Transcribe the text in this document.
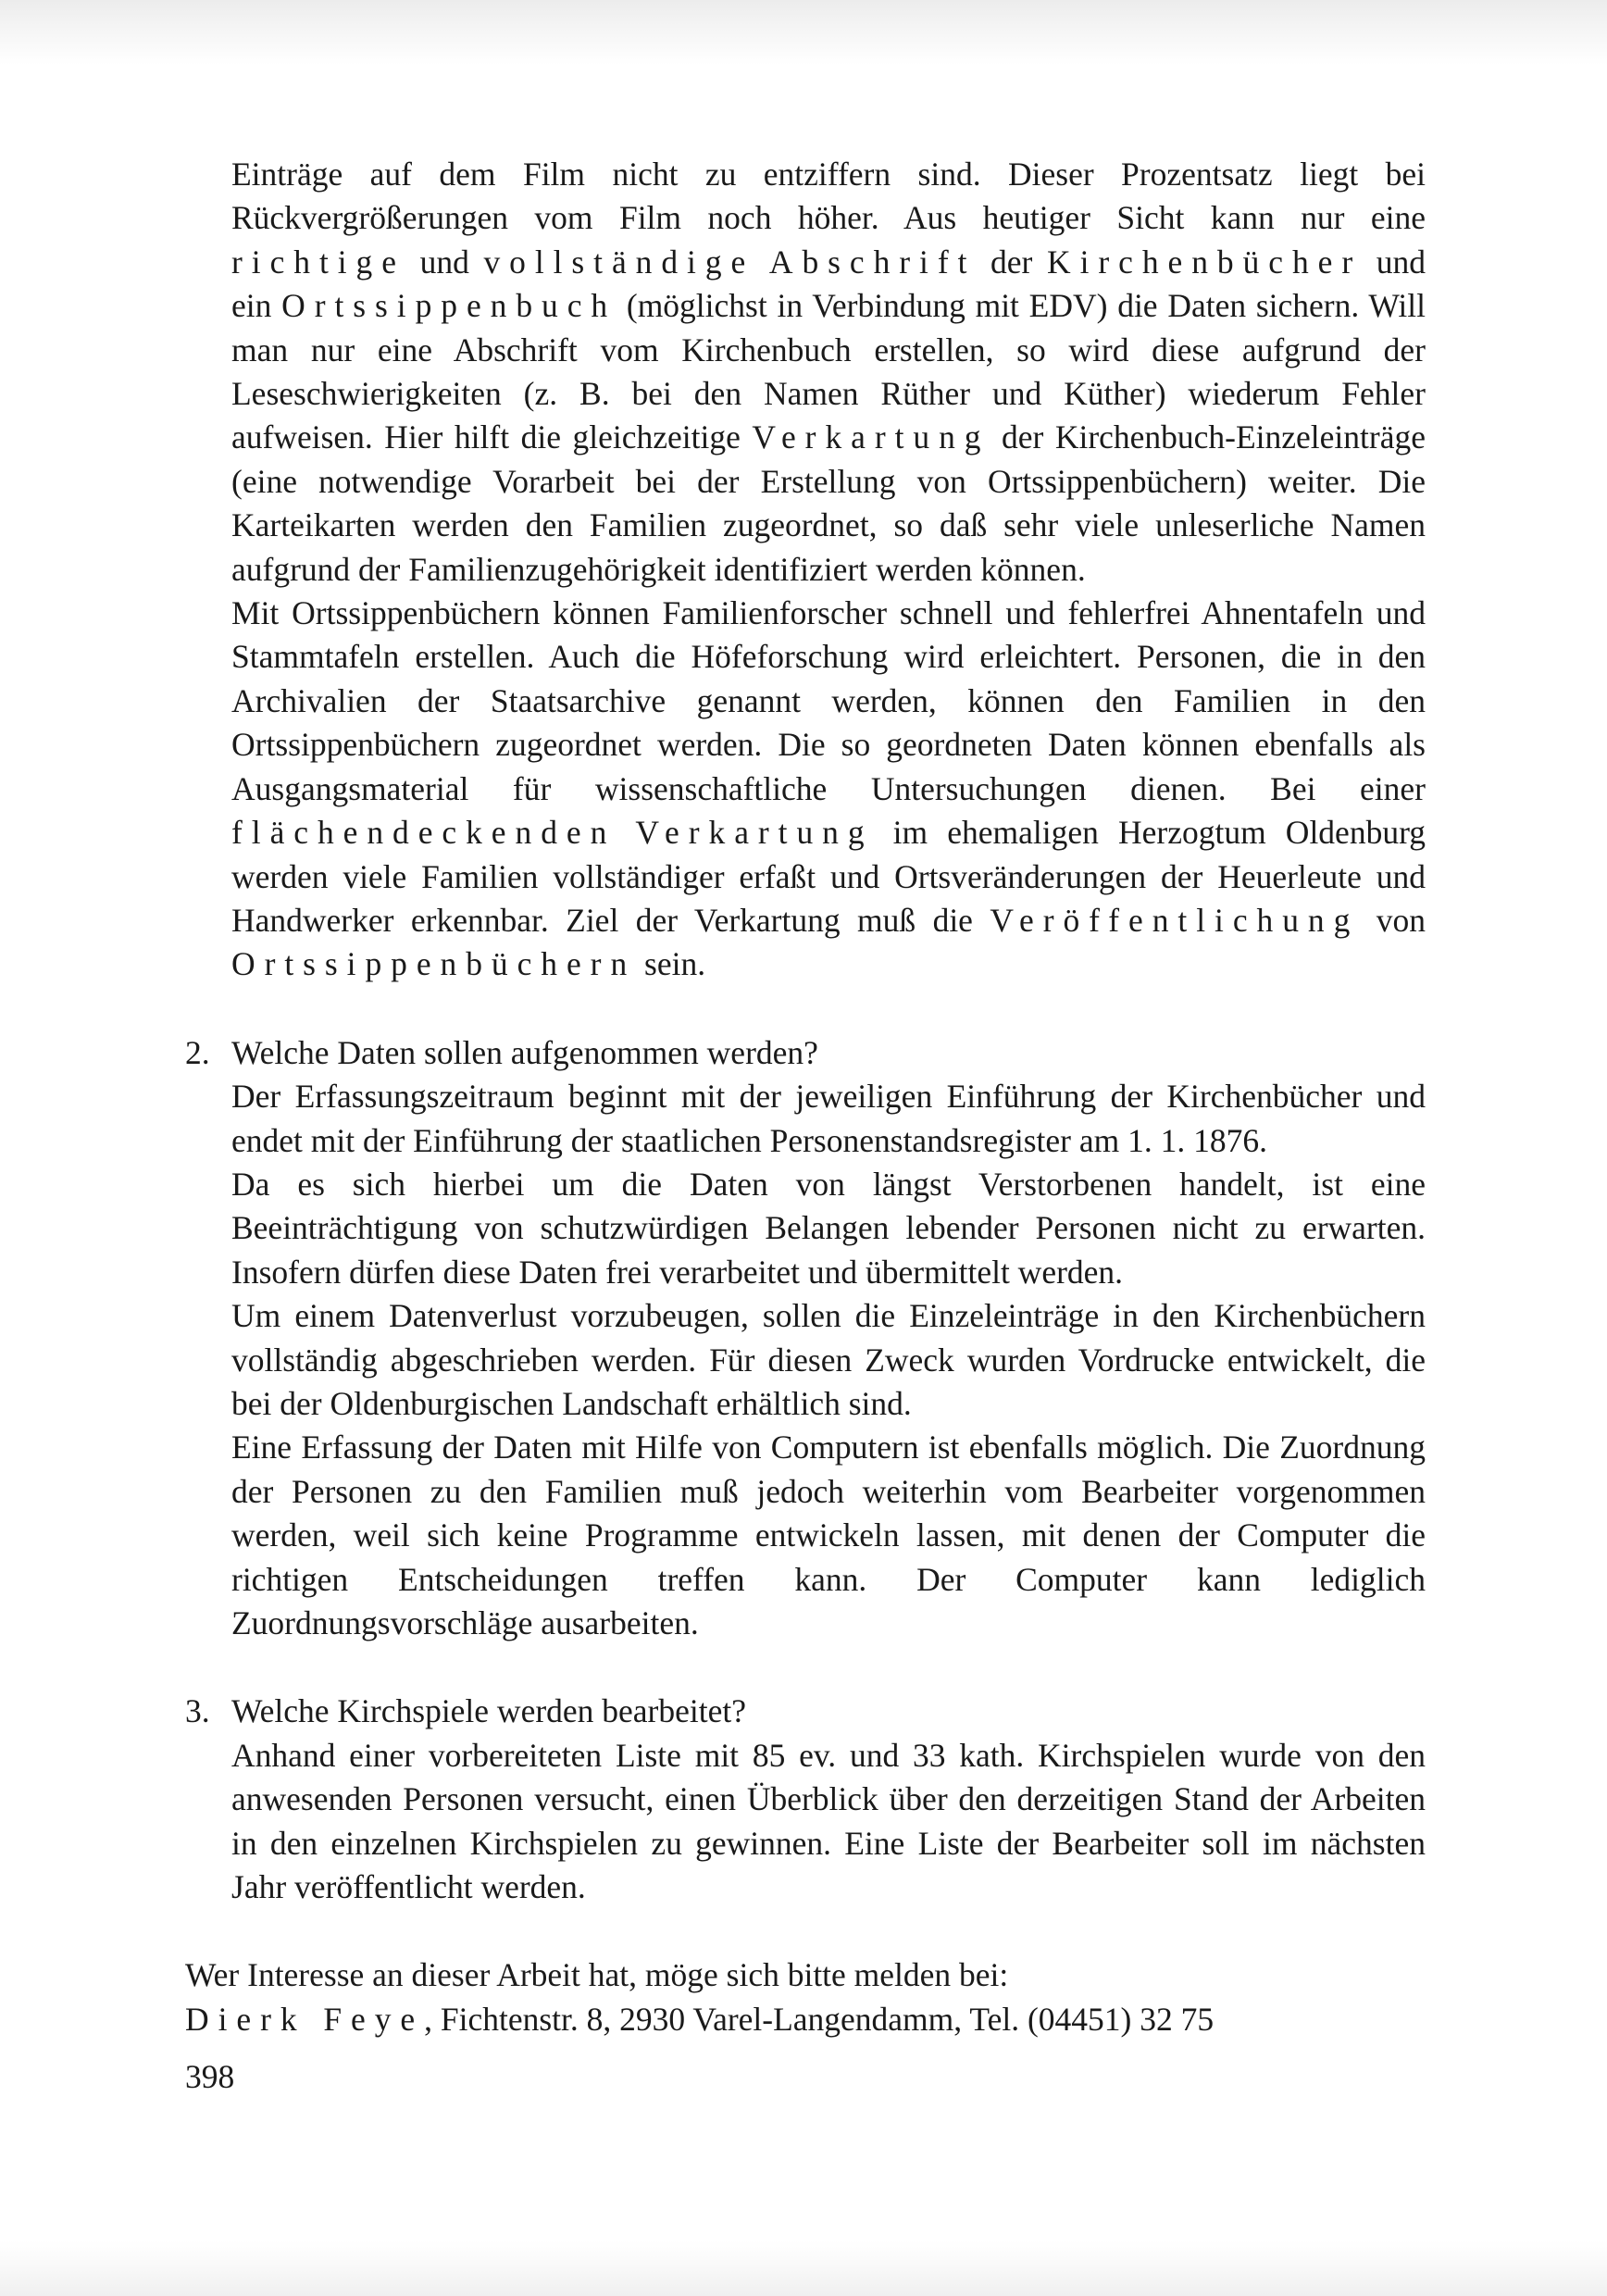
Einträge auf dem Film nicht zu entziffern sind. Dieser Prozentsatz liegt bei Rückvergrößerungen vom Film noch höher. Aus heutiger Sicht kann nur eine richtige und vollständige Abschrift der Kirchenbücher und ein Ortssippenbuch (möglichst in Verbindung mit EDV) die Daten sichern. Will man nur eine Abschrift vom Kirchenbuch erstellen, so wird diese aufgrund der Leseschwierigkeiten (z. B. bei den Namen Rüther und Küther) wiederum Fehler aufweisen. Hier hilft die gleichzeitige Verkartung der Kirchenbuch-Einzeleinträge (eine notwendige Vorarbeit bei der Erstellung von Ortssippenbüchern) weiter. Die Karteikarten werden den Familien zugeordnet, so daß sehr viele unleserliche Namen aufgrund der Familienzugehörigkeit identifiziert werden können.

Mit Ortssippenbüchern können Familienforscher schnell und fehlerfrei Ahnentafeln und Stammtafeln erstellen. Auch die Höfeforschung wird erleichtert. Personen, die in den Archivalien der Staatsarchive genannt werden, können den Familien in den Ortssippenbüchern zugeordnet werden. Die so geordneten Daten können ebenfalls als Ausgangsmaterial für wissenschaftliche Untersuchungen dienen. Bei einer flächendeckenden Verkartung im ehemaligen Herzogtum Oldenburg werden viele Familien vollständiger erfaßt und Ortsveränderungen der Heuerleute und Handwerker erkennbar. Ziel der Verkartung muß die Veröffentlichung von Ortssippenbüchern sein.

2. Welche Daten sollen aufgenommen werden?

Der Erfassungszeitraum beginnt mit der jeweiligen Einführung der Kirchenbücher und endet mit der Einführung der staatlichen Personenstandsregister am 1. 1. 1876.

Da es sich hierbei um die Daten von längst Verstorbenen handelt, ist eine Beeinträchtigung von schutzwürdigen Belangen lebender Personen nicht zu erwarten. Insofern dürfen diese Daten frei verarbeitet und übermittelt werden.

Um einem Datenverlust vorzubeugen, sollen die Einzeleinträge in den Kirchenbüchern vollständig abgeschrieben werden. Für diesen Zweck wurden Vordrucke entwickelt, die bei der Oldenburgischen Landschaft erhältlich sind.

Eine Erfassung der Daten mit Hilfe von Computern ist ebenfalls möglich. Die Zuordnung der Personen zu den Familien muß jedoch weiterhin vom Bearbeiter vorgenommen werden, weil sich keine Programme entwickeln lassen, mit denen der Computer die richtigen Entscheidungen treffen kann. Der Computer kann lediglich Zuordnungsvorschläge ausarbeiten.

3. Welche Kirchspiele werden bearbeitet?

Anhand einer vorbereiteten Liste mit 85 ev. und 33 kath. Kirchspielen wurde von den anwesenden Personen versucht, einen Überblick über den derzeitigen Stand der Arbeiten in den einzelnen Kirchspielen zu gewinnen. Eine Liste der Bearbeiter soll im nächsten Jahr veröffentlicht werden.

Wer Interesse an dieser Arbeit hat, möge sich bitte melden bei:

Dierk Feye, Fichtenstr. 8, 2930 Varel-Langendamm, Tel. (04451) 32 75

398
